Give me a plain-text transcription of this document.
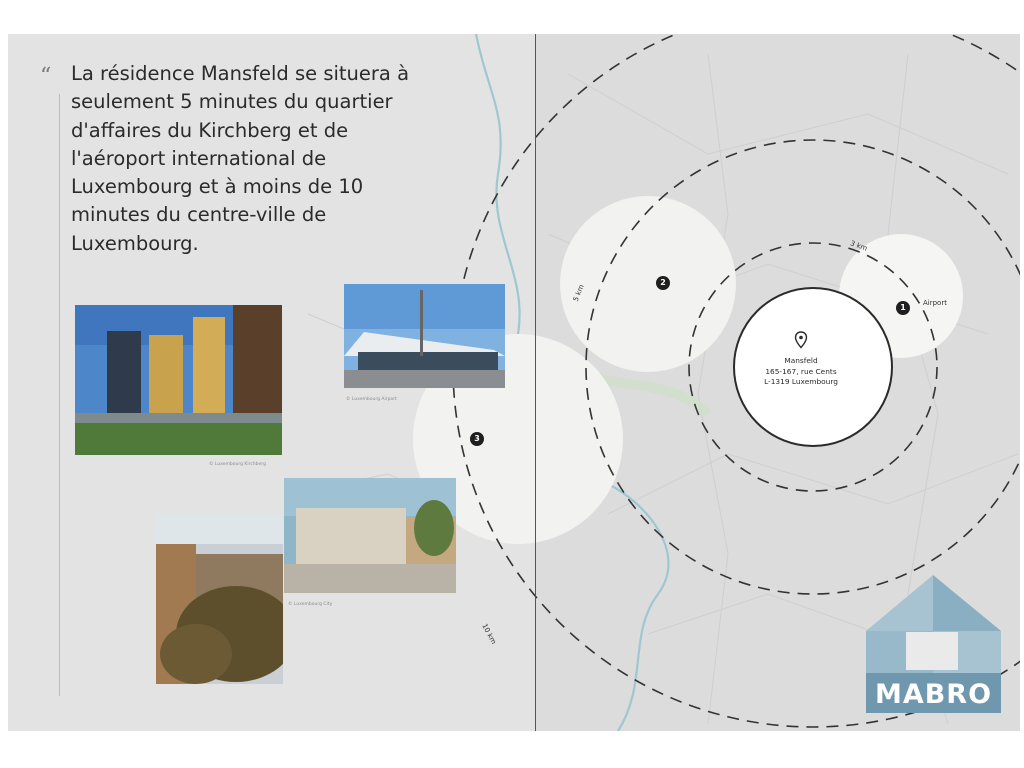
3 km
5 km
10 km
“ La résidence Mansfeld se situera à seulement 5 minutes du quartier d'affaires du Kirchberg et de l'aéroport international de Luxembourg et à moins de 10 minutes du centre-ville de Luxembourg.

© Luxembourg Kirchberg
© Luxembourg Airport
© Luxembourg City
1	Airport
2
3
Mansfeld
165-167, rue Cents
L-1319 Luxembourg
MABRO
